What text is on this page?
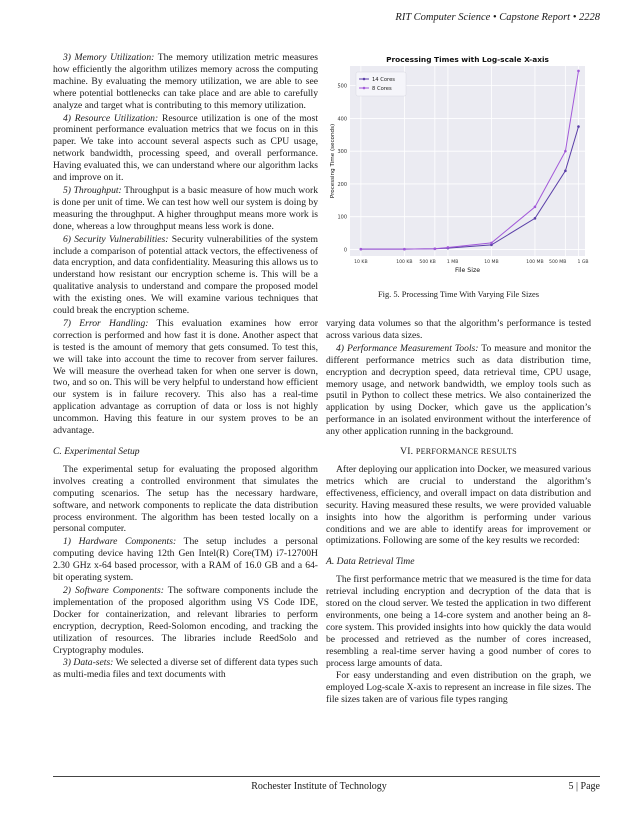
RIT Computer Science • Capstone Report • 2228

3) Memory Utilization: The memory utilization metric measures how efficiently the algorithm utilizes memory across the computing machine. By evaluating the memory utilization, we are able to see where potential bottlenecks can take place and are able to carefully analyze and target what is contributing to this memory utilization.

4) Resource Utilization: Resource utilization is one of the most prominent performance evaluation metrics that we focus on in this paper. We take into account several aspects such as CPU usage, network bandwidth, processing speed, and overall performance. Having evaluated this, we can understand where our algorithm lacks and improve on it.

5) Throughput: Throughput is a basic measure of how much work is done per unit of time. We can test how well our system is doing by measuring the throughput. A higher throughput means more work is done, whereas a low throughput means less work is done.

6) Security Vulnerabilities: Security vulnerabilities of the system include a comparison of potential attack vectors, the effectiveness of data encryption, and data confidentiality. Measuring this allows us to understand how resistant our encryption scheme is. This will be a qualitative analysis to understand and compare the proposed model with the existing ones. We will examine various techniques that could break the encryption scheme.

7) Error Handling: This evaluation examines how error correction is performed and how fast it is done. Another aspect that is tested is the amount of memory that gets consumed. To test this, we will take into account the time to recover from server failures. We will measure the overhead taken for when one server is down, two, and so on. This will be very helpful to understand how efficient our system is in failure recovery. This also has a real-time application advantage as corruption of data or loss is not highly uncommon. Having this feature in our system proves to be an advantage.

C. Experimental Setup

The experimental setup for evaluating the proposed algorithm involves creating a controlled environment that simulates the computing scenarios. The setup has the necessary hardware, software, and network components to replicate the data distribution process environment. The algorithm has been tested locally on a personal computer.

1) Hardware Components: The setup includes a personal computing device having 12th Gen Intel(R) Core(TM) i7-12700H 2.30 GHz x-64 based processor, with a RAM of 16.0 GB and a 64-bit operating system.

2) Software Components: The software components include the implementation of the proposed algorithm using VS Code IDE, Docker for containerization, and relevant libraries to perform encryption, decryption, Reed-Solomon encoding, and tracking the utilization of resources. The libraries include ReedSolo and Cryptography modules.

3) Data-sets: We selected a diverse set of different data types such as multi-media files and text documents with

0
100
200
300
400
500
10 KB	100 KB 500 KB 1 MB	10 MB	100 MB 500 MB 1 GB
Processing Times with Log-scale X-axis
File Size
Processing Time (seconds)
14 Cores
8 Cores
Fig. 5. Processing Time With Varying File Sizes

varying data volumes so that the algorithm’s performance is tested across various data sizes.

4) Performance Measurement Tools: To measure and monitor the different performance metrics such as data distribution time, encryption and decryption speed, data retrieval time, CPU usage, memory usage, and network bandwidth, we employ tools such as psutil in Python to collect these metrics. We also containerized the application by using Docker, which gave us the application’s performance in an isolated environment without the interference of any other application running in the background.

VI. PERFORMANCE RESULTS

After deploying our application into Docker, we measured various metrics which are crucial to understand the algorithm’s effectiveness, efficiency, and overall impact on data distribution and security. Having measured these results, we were provided valuable insights into how the algorithm is performing under various conditions and we are able to identify areas for improvement or optimizations. Following are some of the key results we recorded:

A. Data Retrieval Time

The first performance metric that we measured is the time for data retrieval including encryption and decryption of the data that is stored on the cloud server. We tested the application in two different environments, one being a 14-core system and another being an 8-core system. This provided insights into how quickly the data would be processed and retrieved as the number of cores increased, resembling a real-time server having a good number of cores to process large amounts of data.

For easy understanding and even distribution on the graph, we employed Log-scale X-axis to represent an increase in file sizes. The file sizes taken are of various file types ranging

Rochester Institute of Technology	5 | Page
